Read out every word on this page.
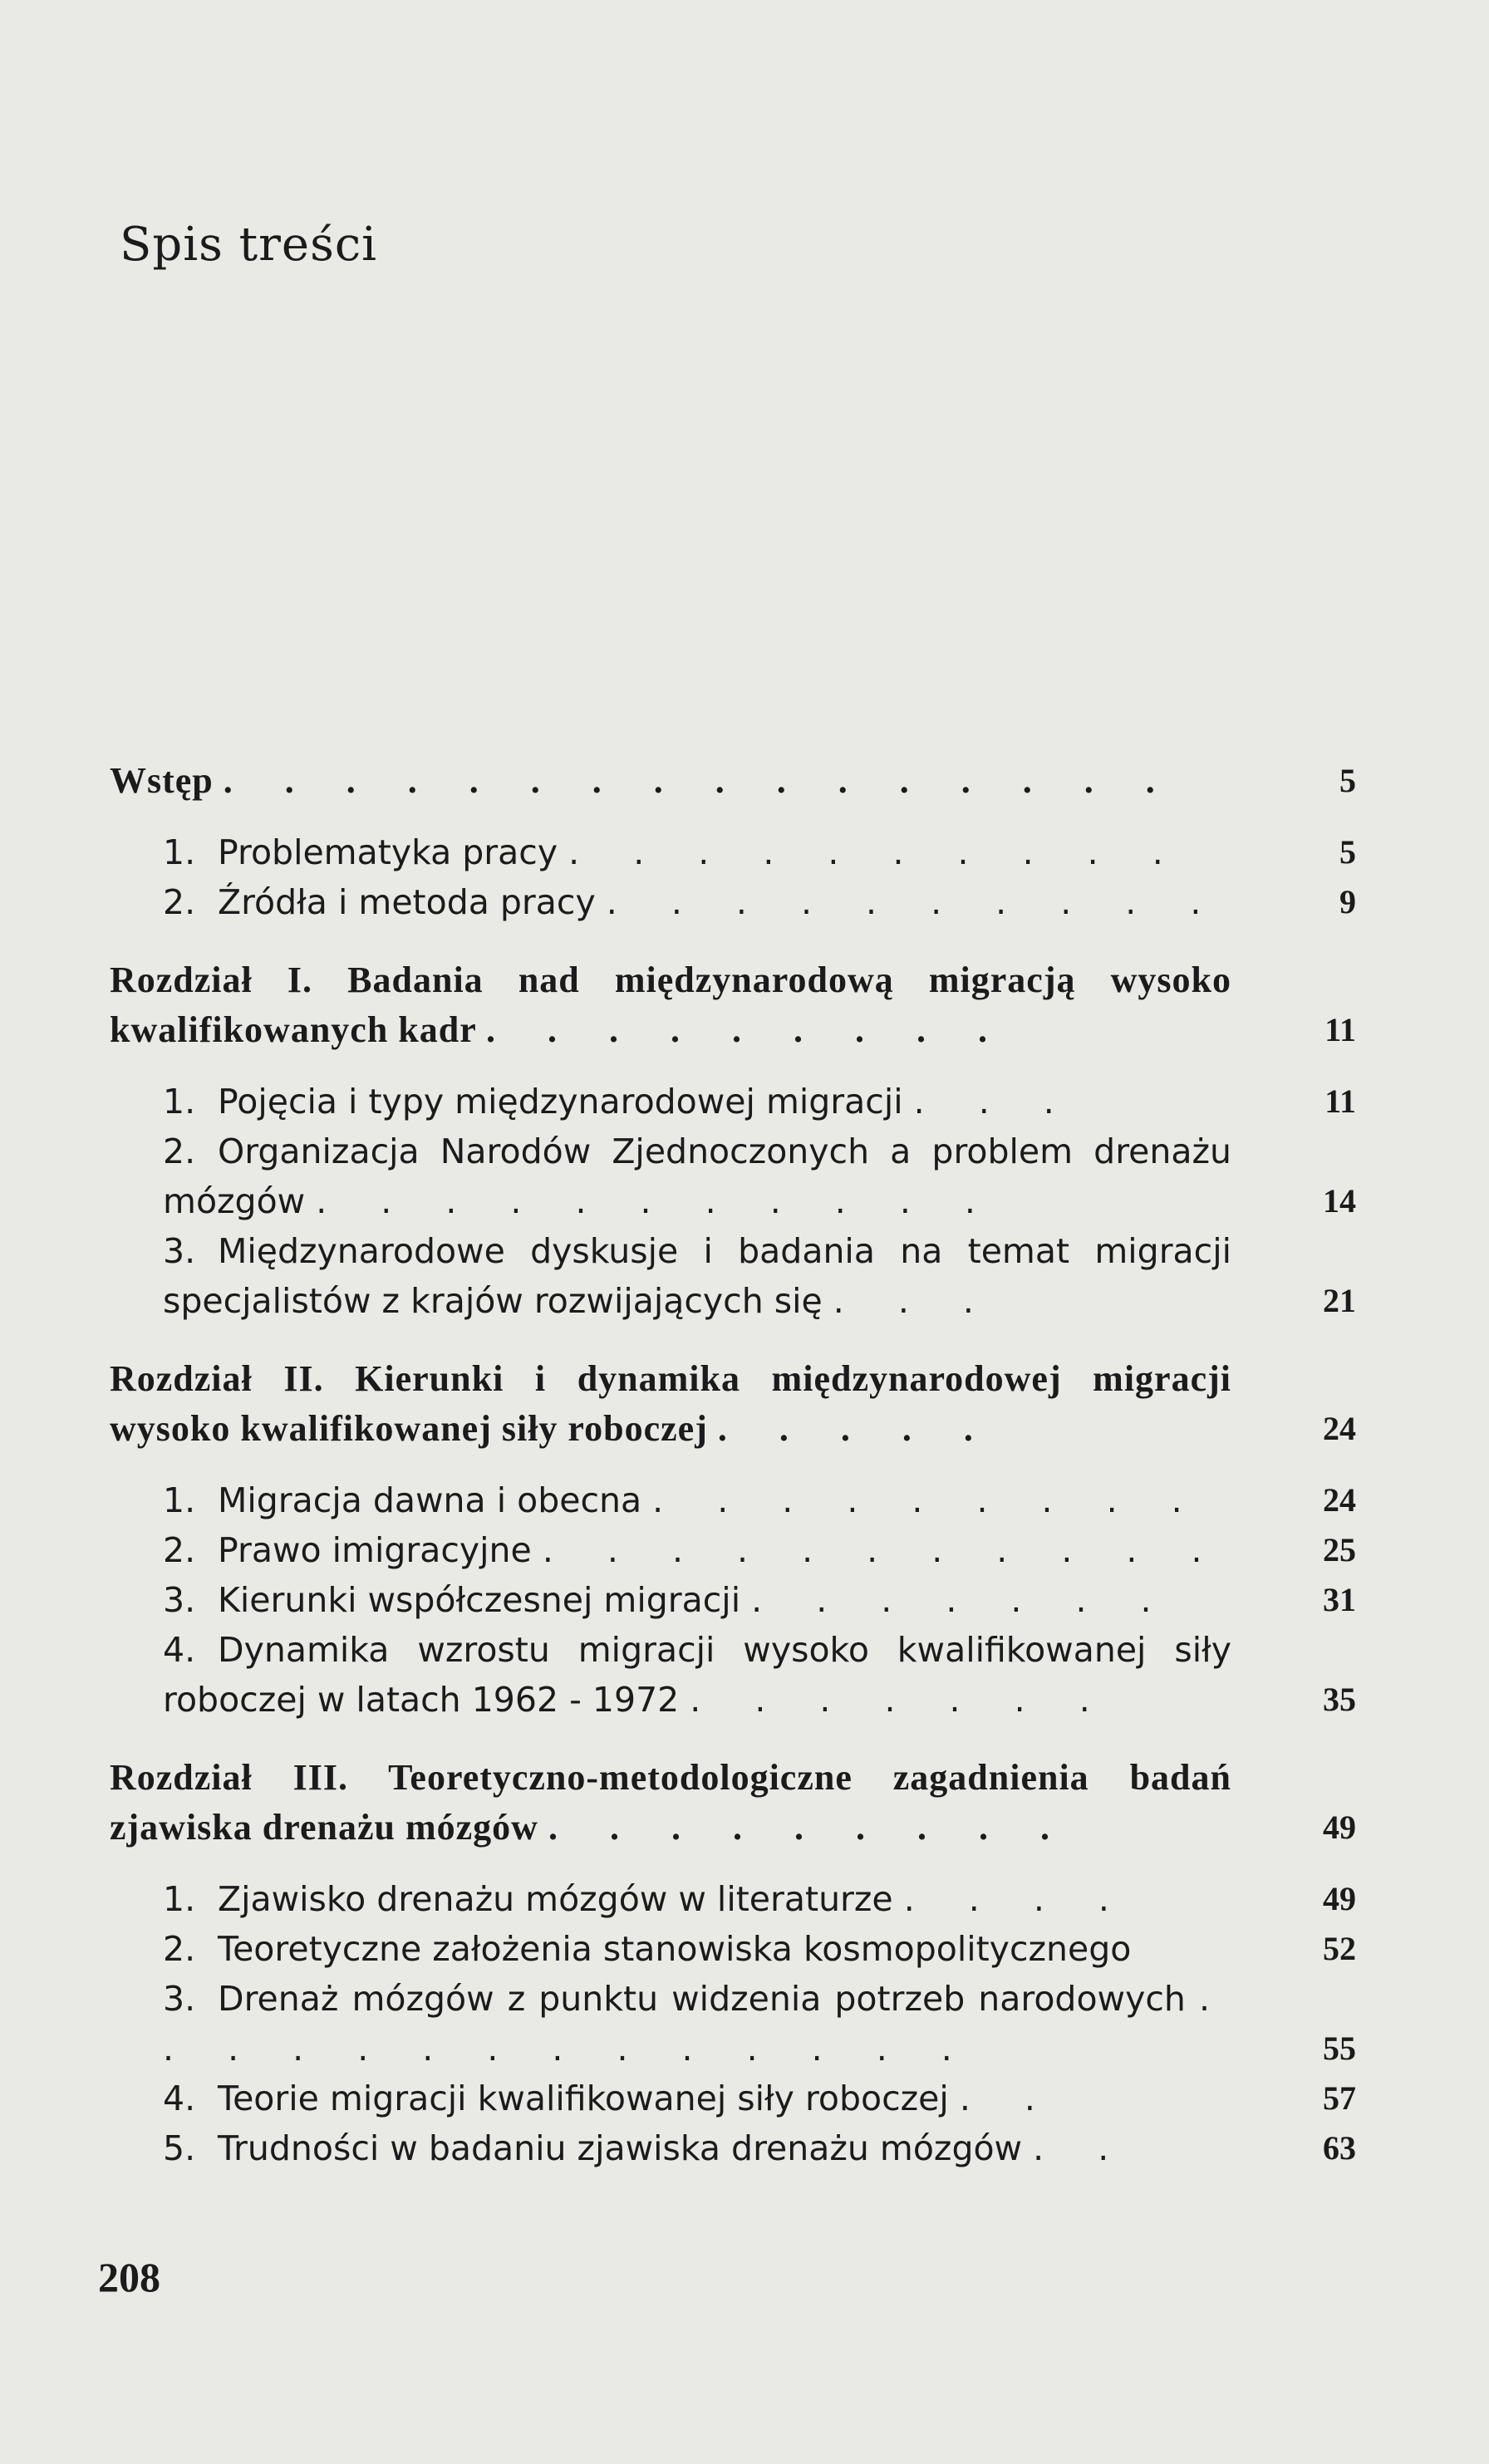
Spis treści
Wstęp . . . . . . . . . . . . . . . .	5
1. Problematyka pracy . . . . . . . . . .	5
2. Źródła i metoda pracy . . . . . . . . . .	9
Rozdział I. Badania nad międzynarodową migracją wysoko kwalifikowanych kadr . . . . . . . . .	11
1. Pojęcia i typy międzynarodowej migracji . . .	11
2. Organizacja Narodów Zjednoczonych a problem drenażu mózgów . . . . . . . . . . .	14
3. Międzynarodowe dyskusje i badania na temat migracji specjalistów z krajów rozwijających się . . .	21
Rozdział II. Kierunki i dynamika międzynarodowej migracji wysoko kwalifikowanej siły roboczej . . . . .	24
1. Migracja dawna i obecna . . . . . . . . .	24
2. Prawo imigracyjne . . . . . . . . . . .	25
3. Kierunki współczesnej migracji . . . . . . .	31
4. Dynamika wzrostu migracji wysoko kwalifikowanej siły roboczej w latach 1962 - 1972 . . . . . . .	35
Rozdział III. Teoretyczno-metodologiczne zagadnienia badań zjawiska drenażu mózgów . . . . . . . . .	49
1. Zjawisko drenażu mózgów w literaturze . . . .	49
2. Teoretyczne założenia stanowiska kosmopolitycznego	52
3. Drenaż mózgów z punktu widzenia potrzeb narodowych . . . . . . . . . . . . . .	55
4. Teorie migracji kwalifikowanej siły roboczej . .	57
5. Trudności w badaniu zjawiska drenażu mózgów . .	63
208
